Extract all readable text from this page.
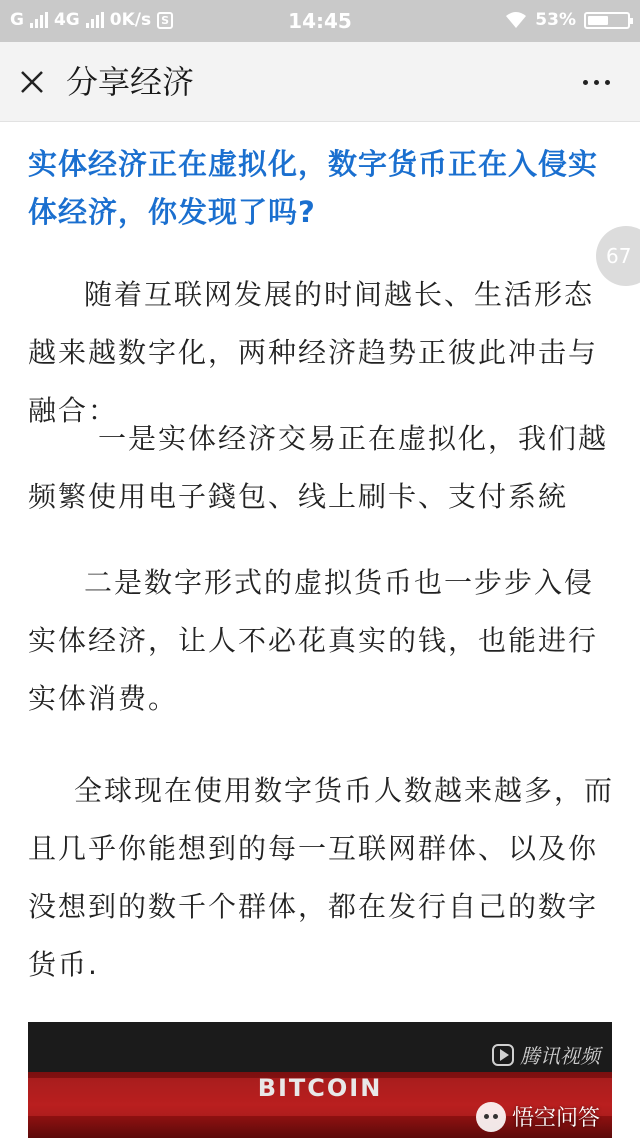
G 4G 0K/s S	14:45	53%
分享经济
实体经济正在虚拟化，数字货币正在入侵实体经济，你发现了吗?
67

随着互联网发展的时间越长、生活形态越来越数字化，两种经济趋势正彼此冲击与融合：

一是实体经济交易正在虚拟化，我们越频繁使用电子錢包、线上刷卡、支付系統

二是数字形式的虚拟货币也一步步入侵实体经济，让人不必花真实的钱，也能进行实体消费。

全球现在使用数字货币人数越来越多，而且几乎你能想到的每一互联网群体、以及你没想到的数千个群体，都在发行自己的数字货币.

BITCOIN
腾讯视频
悟空问答
